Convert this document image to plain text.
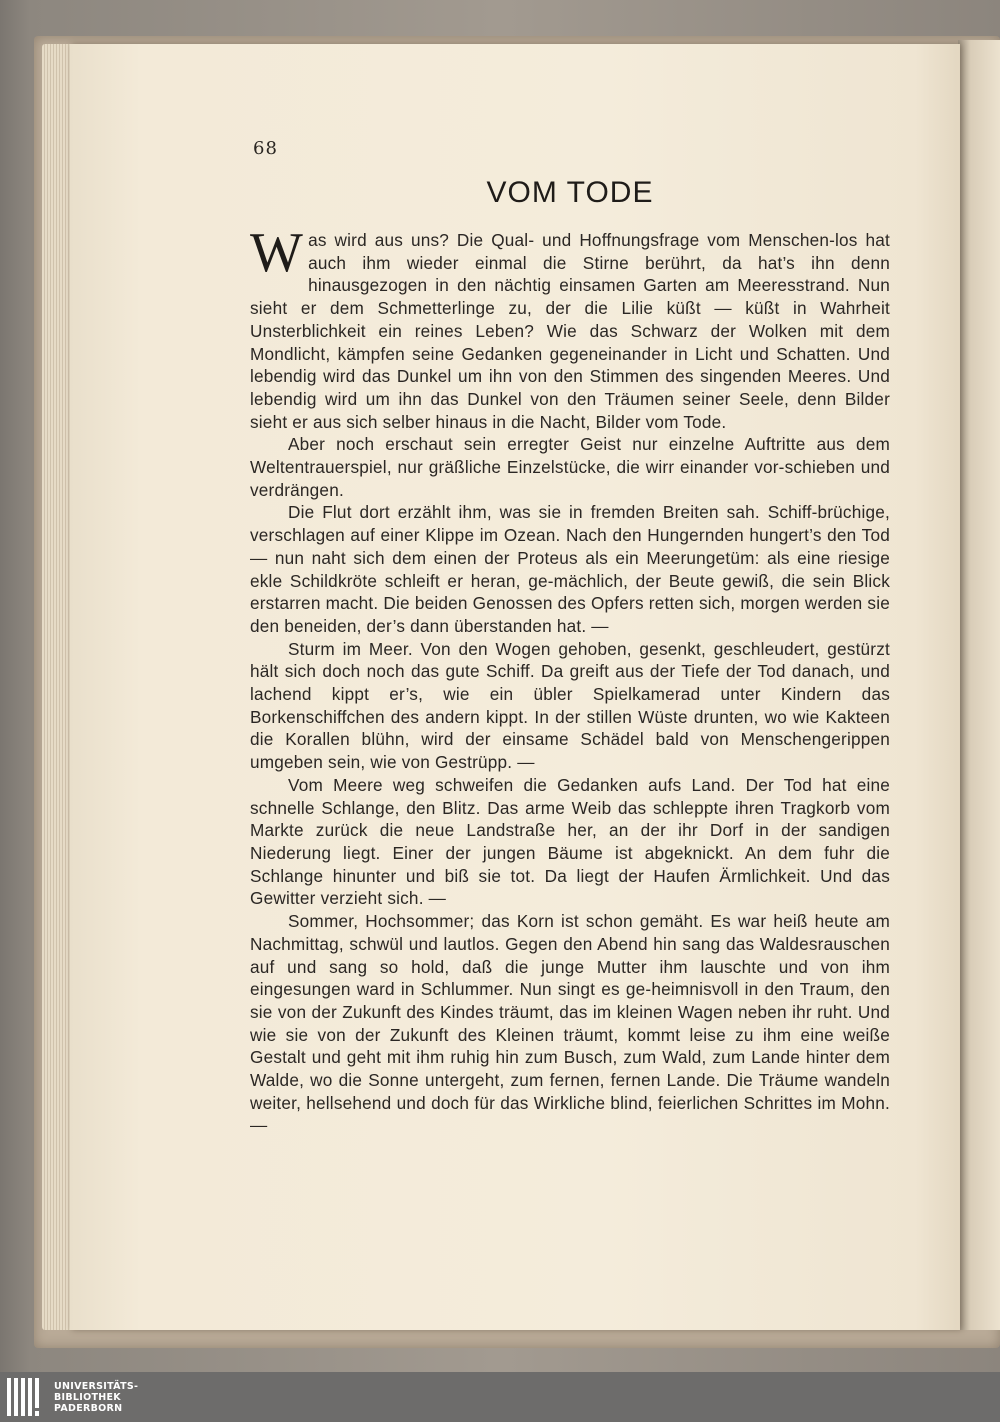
68
VOM TODE

Was wird aus uns? Die Qual- und Hoffnungsfrage vom Menschen-los hat auch ihm wieder einmal die Stirne berührt, da hat’s ihn denn hinausgezogen in den nächtig einsamen Garten am Meeresstrand. Nun sieht er dem Schmetterlinge zu, der die Lilie küßt — küßt in Wahrheit Unsterblichkeit ein reines Leben? Wie das Schwarz der Wolken mit dem Mondlicht, kämpfen seine Gedanken gegeneinander in Licht und Schatten. Und lebendig wird das Dunkel um ihn von den Stimmen des singenden Meeres. Und lebendig wird um ihn das Dunkel von den Träumen seiner Seele, denn Bilder sieht er aus sich selber hinaus in die Nacht, Bilder vom Tode.

Aber noch erschaut sein erregter Geist nur einzelne Auftritte aus dem Weltentrauerspiel, nur gräßliche Einzelstücke, die wirr einander vor-schieben und verdrängen.

Die Flut dort erzählt ihm, was sie in fremden Breiten sah. Schiff-brüchige, verschlagen auf einer Klippe im Ozean. Nach den Hungernden hungert’s den Tod — nun naht sich dem einen der Proteus als ein Meerungetüm: als eine riesige ekle Schildkröte schleift er heran, ge-mächlich, der Beute gewiß, die sein Blick erstarren macht. Die beiden Genossen des Opfers retten sich, morgen werden sie den beneiden, der’s dann überstanden hat. —

Sturm im Meer. Von den Wogen gehoben, gesenkt, geschleudert, gestürzt hält sich doch noch das gute Schiff. Da greift aus der Tiefe der Tod danach, und lachend kippt er’s, wie ein übler Spielkamerad unter Kindern das Borkenschiffchen des andern kippt. In der stillen Wüste drunten, wo wie Kakteen die Korallen blühn, wird der einsame Schädel bald von Menschengerippen umgeben sein, wie von Gestrüpp. —

Vom Meere weg schweifen die Gedanken aufs Land. Der Tod hat eine schnelle Schlange, den Blitz. Das arme Weib das schleppte ihren Tragkorb vom Markte zurück die neue Landstraße her, an der ihr Dorf in der sandigen Niederung liegt. Einer der jungen Bäume ist abgeknickt. An dem fuhr die Schlange hinunter und biß sie tot. Da liegt der Haufen Ärmlichkeit. Und das Gewitter verzieht sich. —

Sommer, Hochsommer; das Korn ist schon gemäht. Es war heiß heute am Nachmittag, schwül und lautlos. Gegen den Abend hin sang das Waldesrauschen auf und sang so hold, daß die junge Mutter ihm lauschte und von ihm eingesungen ward in Schlummer. Nun singt es ge-heimnisvoll in den Traum, den sie von der Zukunft des Kindes träumt, das im kleinen Wagen neben ihr ruht. Und wie sie von der Zukunft des Kleinen träumt, kommt leise zu ihm eine weiße Gestalt und geht mit ihm ruhig hin zum Busch, zum Wald, zum Lande hinter dem Walde, wo die Sonne untergeht, zum fernen, fernen Lande. Die Träume wandeln weiter, hellsehend und doch für das Wirkliche blind, feierlichen Schrittes im Mohn. —

UNIVERSITÄTS-
BIBLIOTHEK
PADERBORN
